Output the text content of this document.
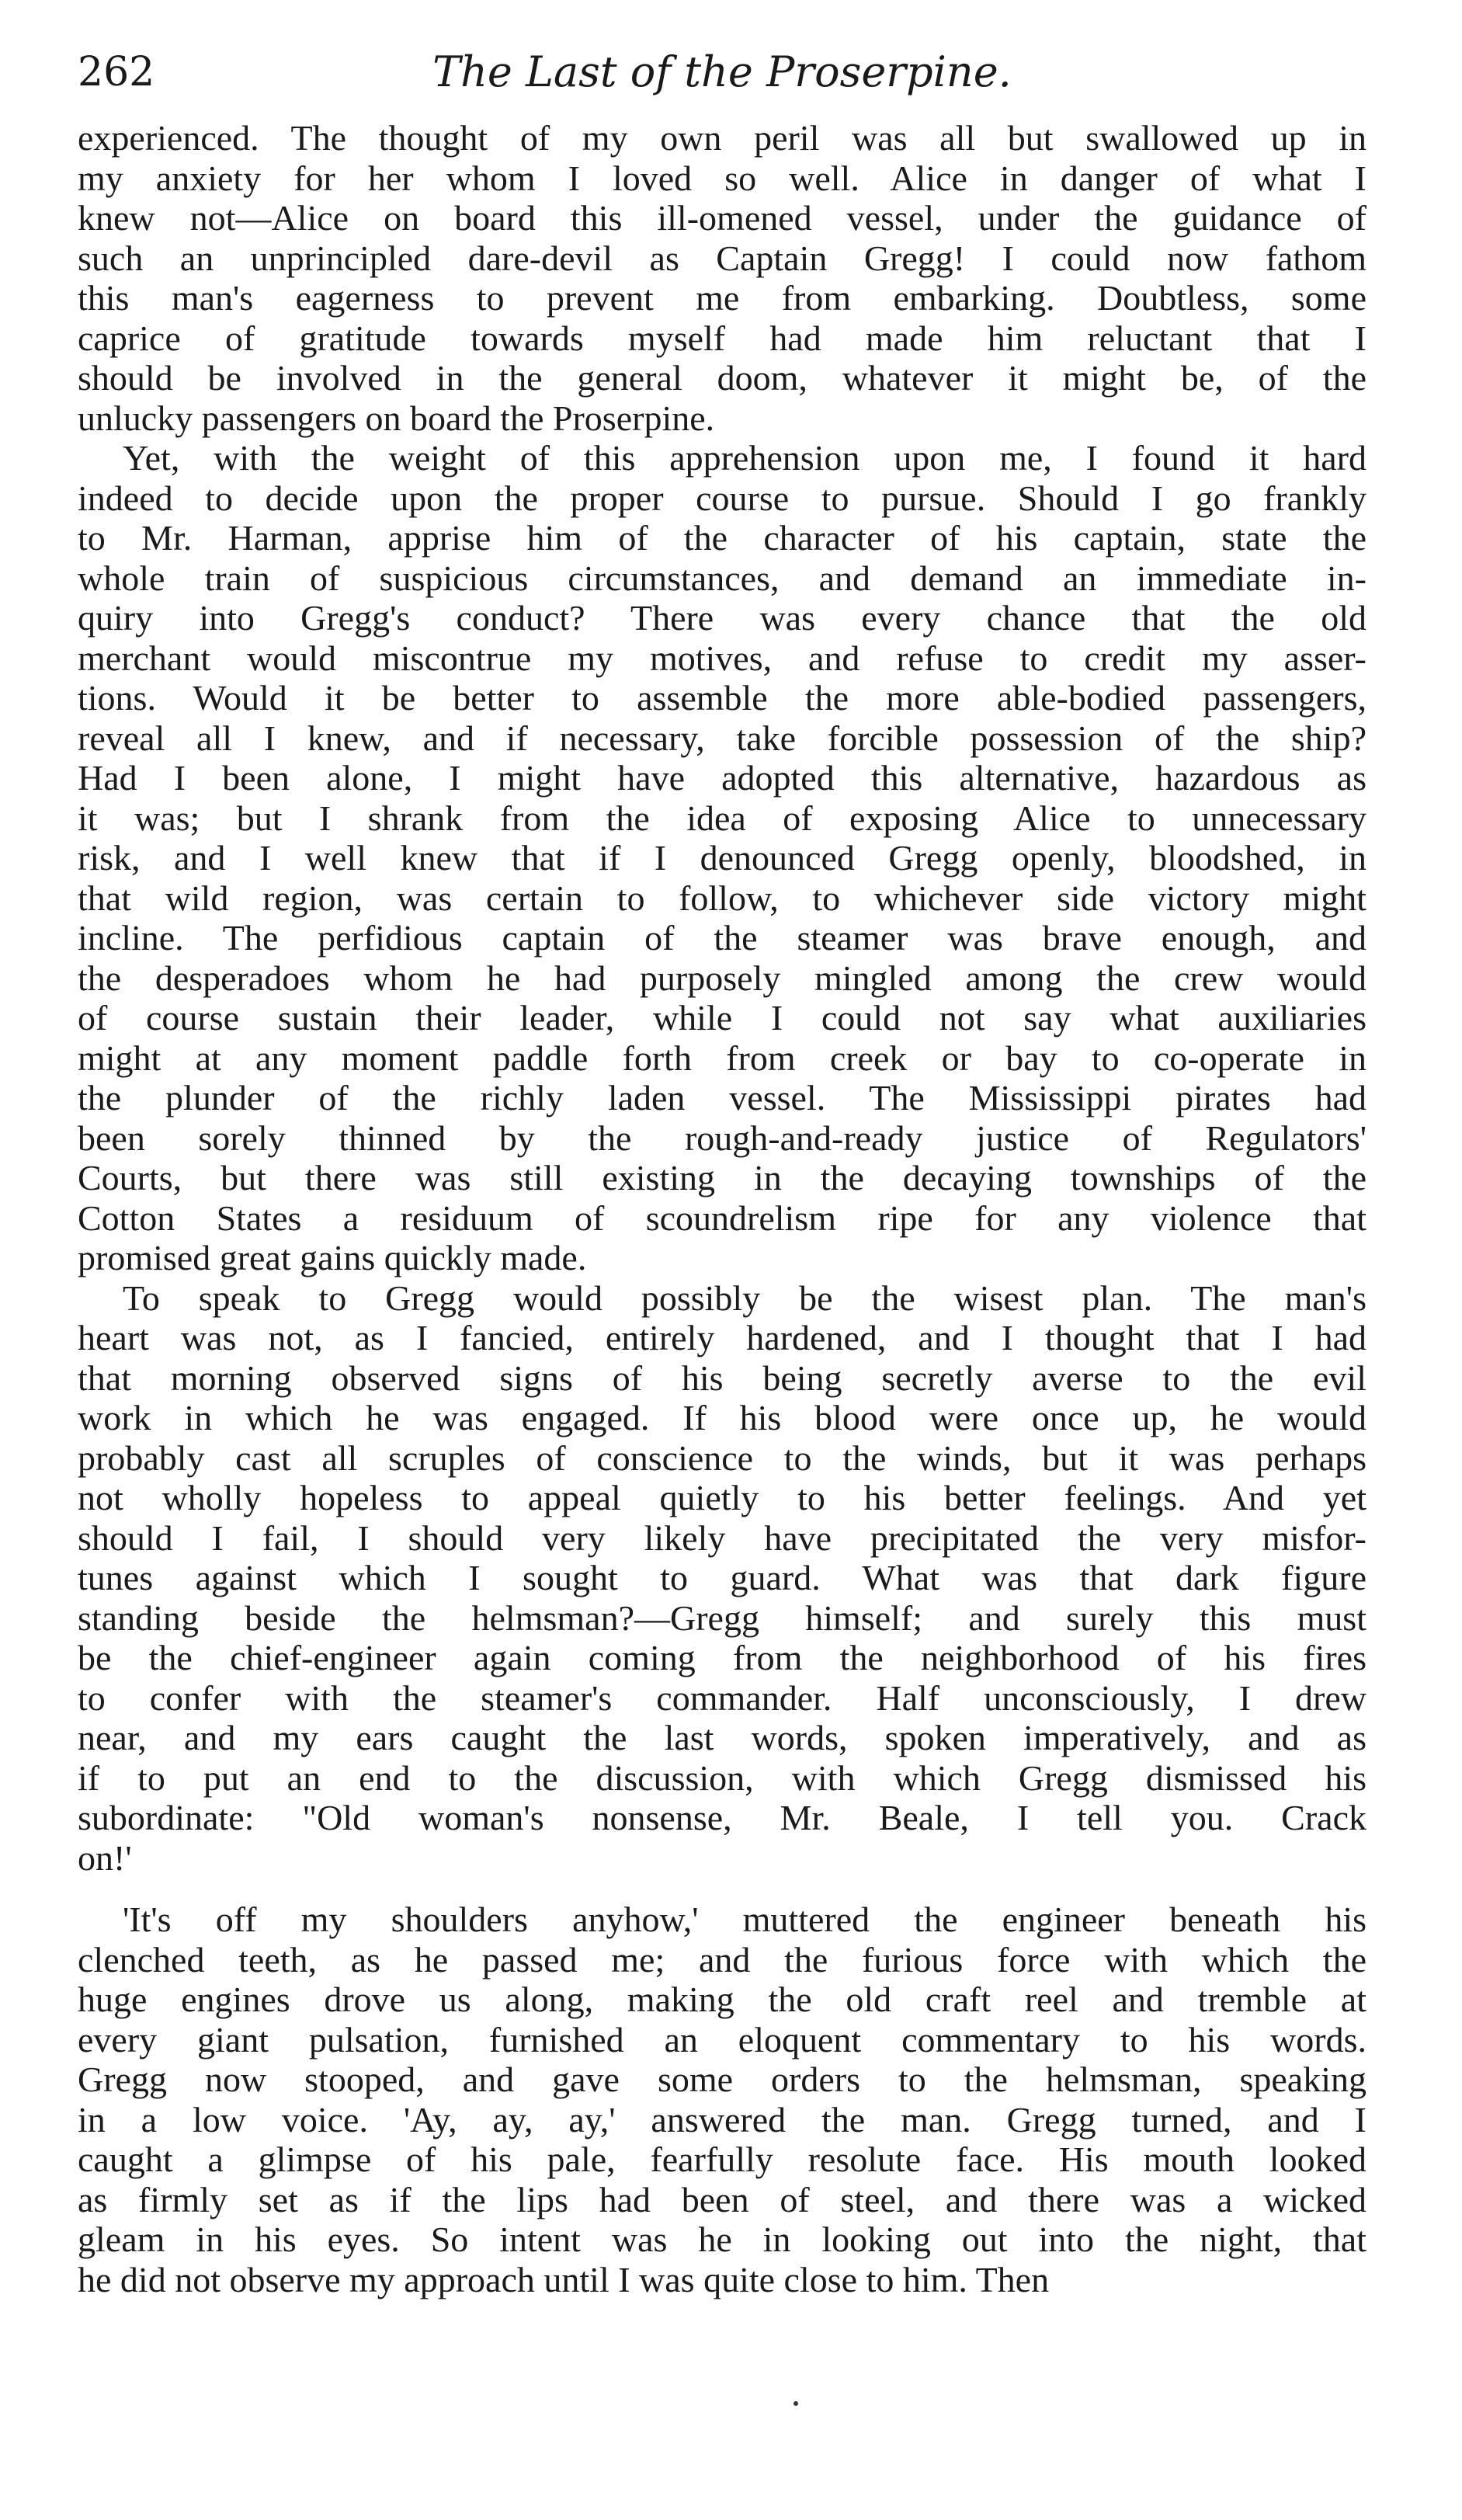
262	The Last of the Proserpine.
experienced. The thought of my own peril was all but swallowed up in
my anxiety for her whom I loved so well. Alice in danger of what I
knew not—Alice on board this ill-omened vessel, under the guidance of
such an unprincipled dare-devil as Captain Gregg! I could now fathom
this man's eagerness to prevent me from embarking. Doubtless, some
caprice of gratitude towards myself had made him reluctant that I
should be involved in the general doom, whatever it might be, of the
unlucky passengers on board the Proserpine.
Yet, with the weight of this apprehension upon me, I found it hard
indeed to decide upon the proper course to pursue. Should I go frankly
to Mr. Harman, apprise him of the character of his captain, state the
whole train of suspicious circumstances, and demand an immediate in-
quiry into Gregg's conduct? There was every chance that the old
merchant would miscontrue my motives, and refuse to credit my asser-
tions. Would it be better to assemble the more able-bodied passengers,
reveal all I knew, and if necessary, take forcible possession of the ship?
Had I been alone, I might have adopted this alternative, hazardous as
it was; but I shrank from the idea of exposing Alice to unnecessary
risk, and I well knew that if I denounced Gregg openly, bloodshed, in
that wild region, was certain to follow, to whichever side victory might
incline. The perfidious captain of the steamer was brave enough, and
the desperadoes whom he had purposely mingled among the crew would
of course sustain their leader, while I could not say what auxiliaries
might at any moment paddle forth from creek or bay to co-operate in
the plunder of the richly laden vessel. The Mississippi pirates had
been sorely thinned by the rough-and-ready justice of Regulators'
Courts, but there was still existing in the decaying townships of the
Cotton States a residuum of scoundrelism ripe for any violence that
promised great gains quickly made.
To speak to Gregg would possibly be the wisest plan. The man's
heart was not, as I fancied, entirely hardened, and I thought that I had
that morning observed signs of his being secretly averse to the evil
work in which he was engaged. If his blood were once up, he would
probably cast all scruples of conscience to the winds, but it was perhaps
not wholly hopeless to appeal quietly to his better feelings. And yet
should I fail, I should very likely have precipitated the very misfor-
tunes against which I sought to guard. What was that dark figure
standing beside the helmsman?—Gregg himself; and surely this must
be the chief-engineer again coming from the neighborhood of his fires
to confer with the steamer's commander. Half unconsciously, I drew
near, and my ears caught the last words, spoken imperatively, and as
if to put an end to the discussion, with which Gregg dismissed his
subordinate: "Old woman's nonsense, Mr. Beale, I tell you. Crack
on!'
'It's off my shoulders anyhow,' muttered the engineer beneath his
clenched teeth, as he passed me; and the furious force with which the
huge engines drove us along, making the old craft reel and tremble at
every giant pulsation, furnished an eloquent commentary to his words.
Gregg now stooped, and gave some orders to the helmsman, speaking
in a low voice. 'Ay, ay, ay,' answered the man. Gregg turned, and I
caught a glimpse of his pale, fearfully resolute face. His mouth looked
as firmly set as if the lips had been of steel, and there was a wicked
gleam in his eyes. So intent was he in looking out into the night, that
he did not observe my approach until I was quite close to him. Then
